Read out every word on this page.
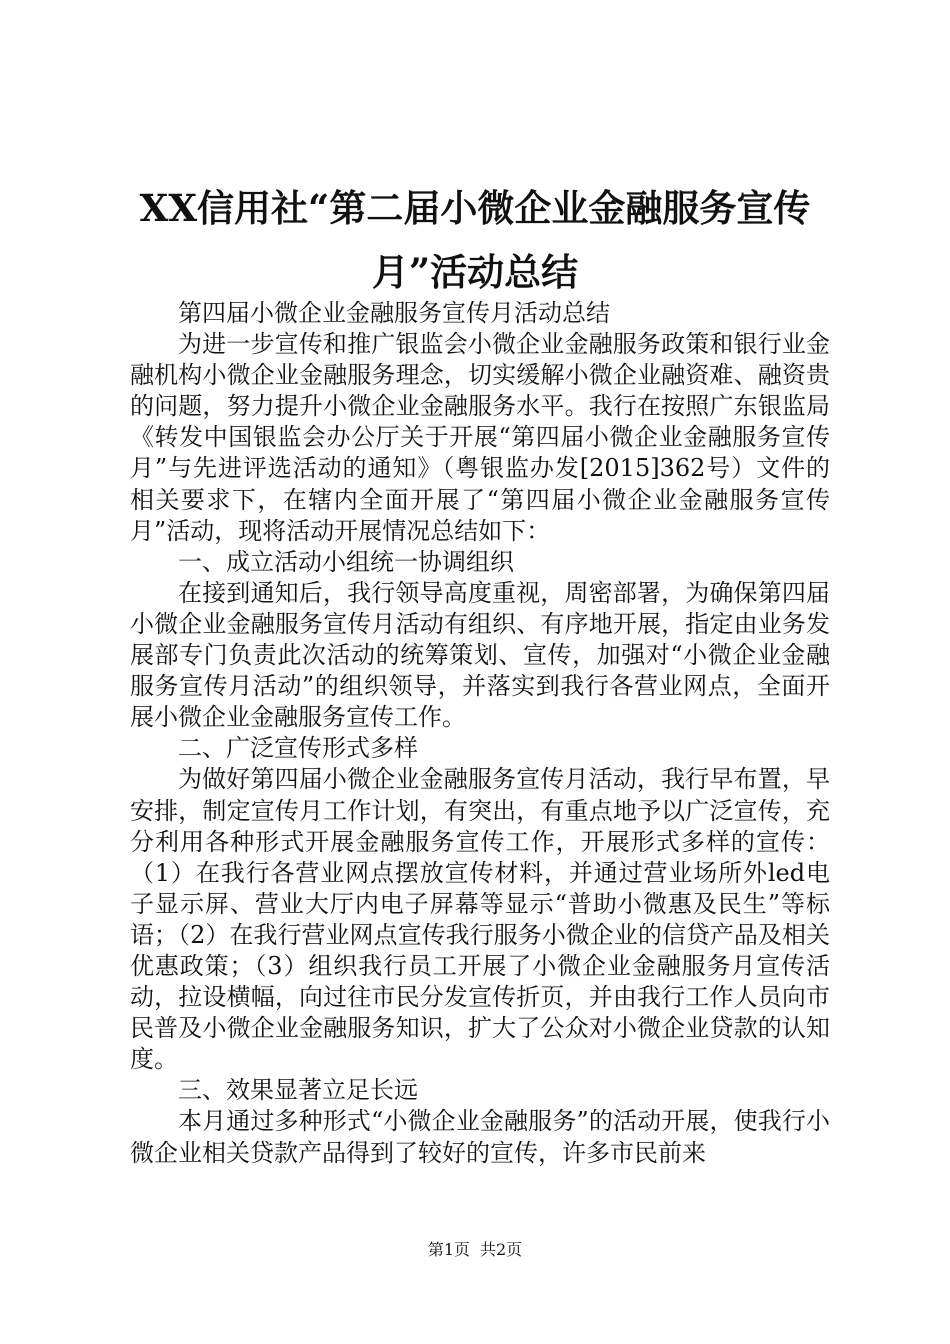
XX信用社“第二届小微企业金融服务宣传
月”活动总结

第四届小微企业金融服务宣传月活动总结

为进一步宣传和推广银监会小微企业金融服务政策和银行业金融机构小微企业金融服务理念，切实缓解小微企业融资难、融资贵的问题，努力提升小微企业金融服务水平。我行在按照广东银监局《转发中国银监会办公厅关于开展“第四届小微企业金融服务宣传月”与先进评选活动的通知》（粤银监办发[2015]362号）文件的相关要求下，在辖内全面开展了“第四届小微企业金融服务宣传月”活动，现将活动开展情况总结如下：

一、成立活动小组统一协调组织

在接到通知后，我行领导高度重视，周密部署，为确保第四届小微企业金融服务宣传月活动有组织、有序地开展，指定由业务发展部专门负责此次活动的统筹策划、宣传，加强对“小微企业金融服务宣传月活动”的组织领导，并落实到我行各营业网点，全面开展小微企业金融服务宣传工作。

二、广泛宣传形式多样

为做好第四届小微企业金融服务宣传月活动，我行早布置，早安排，制定宣传月工作计划，有突出，有重点地予以广泛宣传，充分利用各种形式开展金融服务宣传工作，开展形式多样的宣传：（1）在我行各营业网点摆放宣传材料，并通过营业场所外led电子显示屏、营业大厅内电子屏幕等显示“普助小微惠及民生”等标语；（2）在我行营业网点宣传我行服务小微企业的信贷产品及相关优惠政策；（3）组织我行员工开展了小微企业金融服务月宣传活动，拉设横幅，向过往市民分发宣传折页，并由我行工作人员向市民普及小微企业金融服务知识，扩大了公众对小微企业贷款的认知度。

三、效果显著立足长远

本月通过多种形式“小微企业金融服务”的活动开展，使我行小微企业相关贷款产品得到了较好的宣传，许多市民前来

第1页 共2页
